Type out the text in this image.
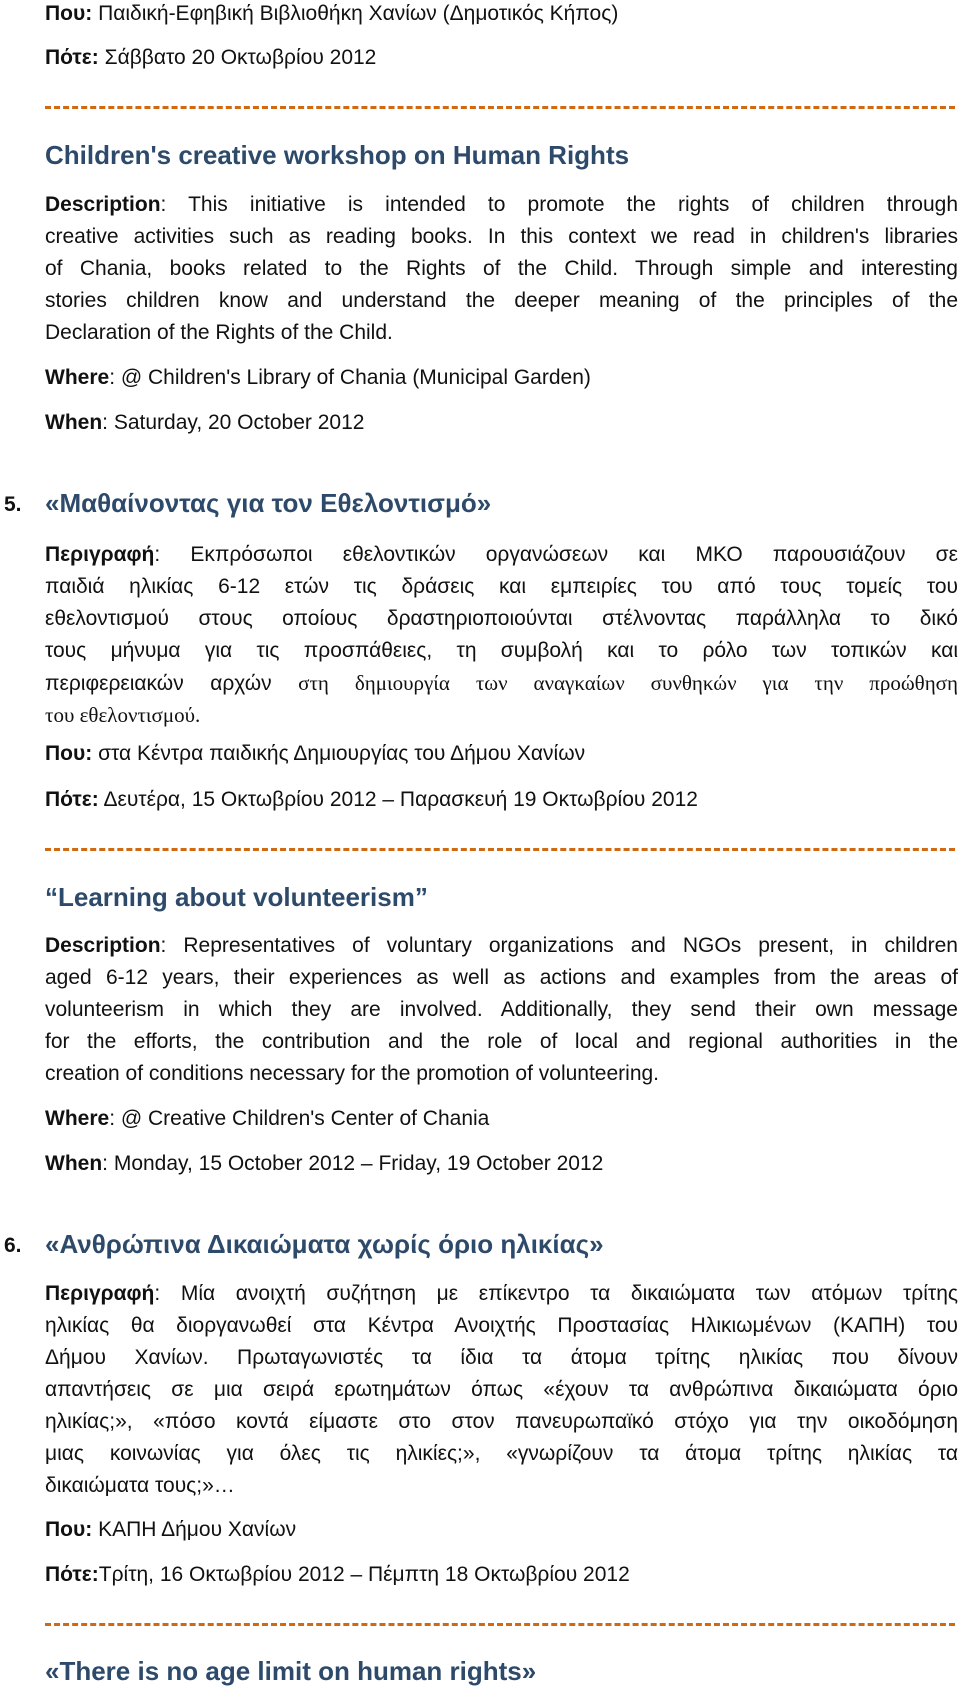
Που: Παιδική-Εφηβική Βιβλιοθήκη Χανίων (Δημοτικός Κήπος)
Πότε: Σάββατο 20 Οκτωβρίου 2012
Children's creative workshop on Human Rights
Description: This initiative is intended to promote the rights of children through
creative activities such as reading books. In this context we read in children's libraries
of Chania, books related to the Rights of the Child. Through simple and interesting
stories children know and understand the deeper meaning of the principles of the
Declaration of the Rights of the Child.
Where: @ Children's Library of Chania (Municipal Garden)
When: Saturday, 20 October 2012
5. «Μαθαίνοντας για τον Εθελοντισμό»
Περιγραφή: Εκπρόσωποι εθελοντικών οργανώσεων και ΜΚΟ παρουσιάζουν σε
παιδιά ηλικίας 6-12 ετών τις δράσεις και εμπειρίες του από τους τομείς του
εθελοντισμού στους οποίους δραστηριοποιούνται στέλνοντας παράλληλα το δικό
τους μήνυμα για τις προσπάθειες, τη συμβολή και το ρόλο των τοπικών και
περιφερειακών αρχών στη δημιουργία των αναγκαίων συνθηκών για την προώθηση
του εθελοντισμού.
Που: στα Κέντρα παιδικής Δημιουργίας του Δήμου Χανίων
Πότε: Δευτέρα, 15 Οκτωβρίου 2012 – Παρασκευή 19 Οκτωβρίου 2012
“Learning about volunteerism”
Description: Representatives of voluntary organizations and NGOs present, in children
aged 6-12 years, their experiences as well as actions and examples from the areas of
volunteerism in which they are involved. Additionally, they send their own message
for the efforts, the contribution and the role of local and regional authorities in the
creation of conditions necessary for the promotion of volunteering.
Where: @ Creative Children's Center of Chania
When: Monday, 15 October 2012 – Friday, 19 October 2012
6. «Ανθρώπινα Δικαιώματα χωρίς όριο ηλικίας»
Περιγραφή: Μία ανοιχτή συζήτηση με επίκεντρο τα δικαιώματα των ατόμων τρίτης
ηλικίας θα διοργανωθεί στα Κέντρα Ανοιχτής Προστασίας Ηλικιωμένων (ΚΑΠΗ) του
Δήμου Χανίων. Πρωταγωνιστές τα ίδια τα άτομα τρίτης ηλικίας που δίνουν
απαντήσεις σε μια σειρά ερωτημάτων όπως «έχουν τα ανθρώπινα δικαιώματα όριο
ηλικίας;», «πόσο κοντά είμαστε στο στον πανευρωπαϊκό στόχο για την οικοδόμηση
μιας κοινωνίας για όλες τις ηλικίες;», «γνωρίζουν τα άτομα τρίτης ηλικίας τα
δικαιώματα τους;»…
Που: ΚΑΠΗ Δήμου Χανίων
Πότε:Τρίτη, 16 Οκτωβρίου 2012 – Πέμπτη 18 Οκτωβρίου 2012
«There is no age limit on human rights»
